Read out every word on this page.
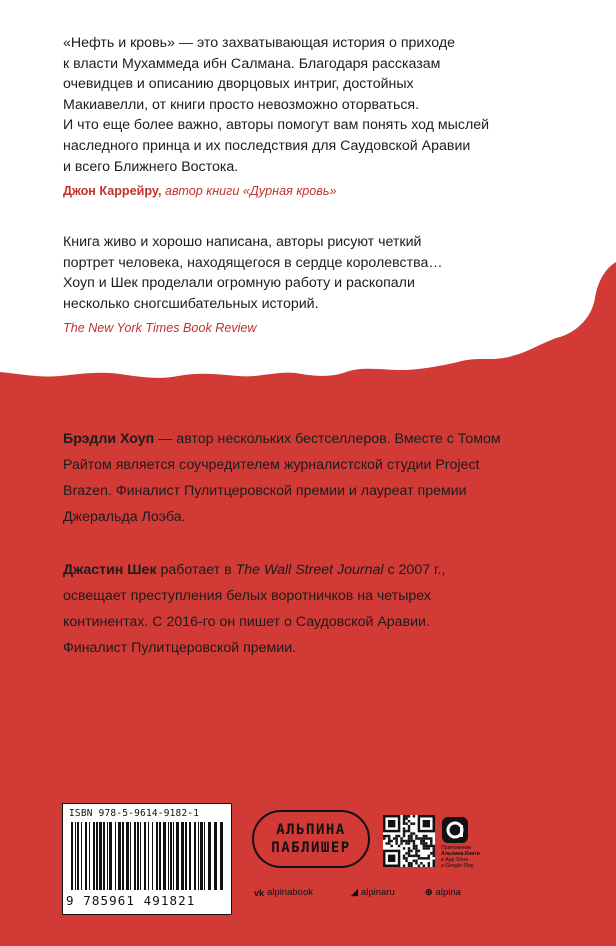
«Нефть и кровь» — это захватывающая история о приходе

к власти Мухаммеда ибн Салмана. Благодаря рассказам

очевидцев и описанию дворцовых интриг, достойных

Макиавелли, от книги просто невозможно оторваться.

И что еще более важно, авторы помогут вам понять ход мыслей

наследного принца и их последствия для Саудовской Аравии

и всего Ближнего Востока.

Джон Каррейру, автор книги «Дурная кровь»

Книга живо и хорошо написана, авторы рисуют четкий

портрет человека, находящегося в сердце королевства…

Хоуп и Шек проделали огромную работу и раскопали

несколько сногсшибательных историй.

The New York Times Book Review
Брэдли Хоуп — автор нескольких бестселлеров. Вместе с Томом
Райтом является соучредителем журналистской студии Project
Brazen. Финалист Пулитцеровской премии и лауреат премии
Джеральда Лоэба.
Джастин Шек работает в The Wall Street Journal с 2007 г.,
освещает преступления белых воротничков на четырех
континентах. С 2016-го он пишет о Саудовской Аравии.
Финалист Пулитцеровской премии.
ISBN 978-5-9614-9182-1
9 785961 491821
АЛЬПИНА
ПАБЛИШЕР	Приложение
Альпина.Книги
в App Store
и Google Play
vk alpinabook	◢ alpinaru	⊕ alpina
